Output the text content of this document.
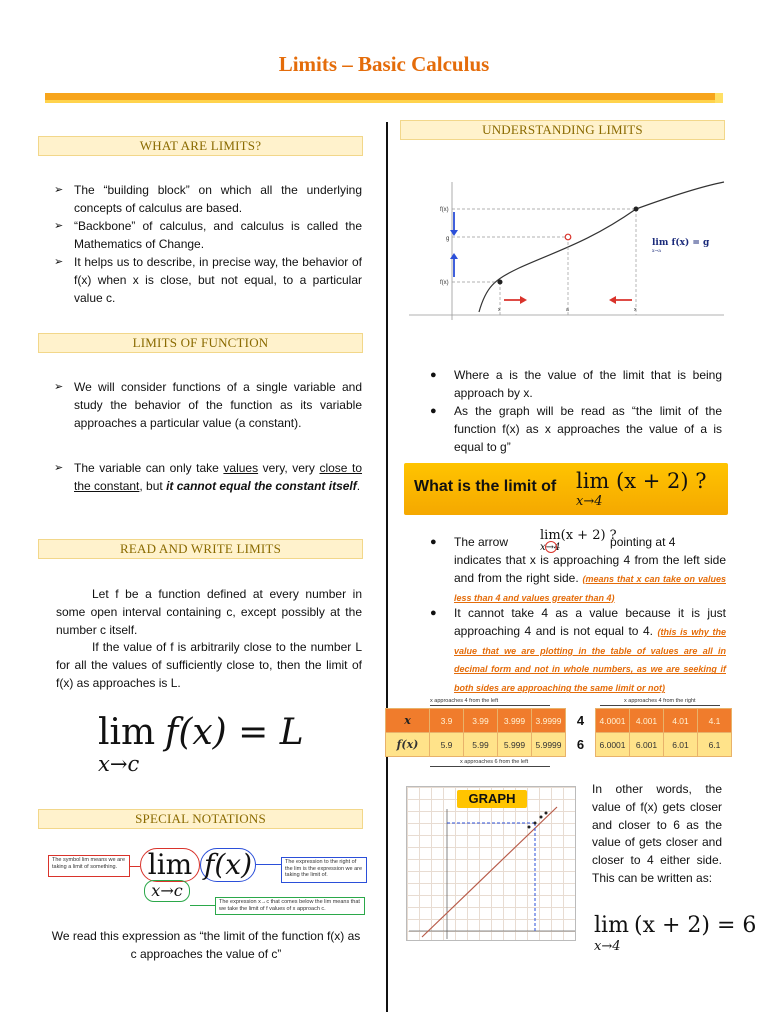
Limits – Basic Calculus
WHAT ARE LIMITS?
➢ The “building block” on which all the underlying concepts of calculus are based.
➢ “Backbone” of calculus, and calculus is called the Mathematics of Change.
➢ It helps us to describe, in precise way, the behavior of f(x) when x is close, but not equal, to a particular value c.
LIMITS OF FUNCTION
➢ We will consider functions of a single variable and study the behavior of the function as its variable approaches a particular value (a constant).
➢ The variable can only take values very, very close to the constant, but it cannot equal the constant itself.
READ AND WRITE LIMITS
Let f be a function defined at every number in some open interval containing c, except possibly at the number c itself.
If the value of f is arbitrarily close to the number L for all the values of sufficiently close to, then the limit of f(x) as approaches is L.
lim
x→c
f(x) = L
SPECIAL NOTATIONS
The symbol lim means we are taking a limit of something.	lim f(x)
x→c
The expression to the right of the lim is the expression we are taking the limit of.
The expression x→c that comes below the lim means that we take the limit of f values of x approach c.
We read this expression as “the limit of the function f(x) as c approaches the value of c”
UNDERSTANDING LIMITS
f(x)
g
f(x)
x	a	x
lim f(x) = g
x→a
● Where a is the value of the limit that is being approach by x.
● As the graph will be read as “the limit of the function f(x) as x approaches the value of a is equal to g”
What is the limit of lim
x→4
(x + 2) ?
● The arrow	pointing at 4
indicates that x is approaching 4 from the left side and from the right side. (means that x can take on values less than 4 and values greater than 4)
lim(x + 2) ?
x→4
● It cannot take 4 as a value because it is just approaching 4 and is not equal to 4. (this is why the value that we are plotting in the table of values are all in decimal form and not in whole numbers, as we are seeking if both sides are approaching the same limit or not)
x approaches 4 from the left	x approaches 4 from the right
x	3.9	3.99	3.999	3.9999	4	4.0001	4.001	4.01	4.1
f(x)	5.9	5.99	5.999	5.9999	6	6.0001	6.001	6.01	6.1
x approaches 6 from the left
GRAPH
In other words, the value of f(x) gets closer and closer to 6 as the value of gets closer and closer to 4 either side. This can be written as:
lim
x→4
(x + 2) = 6
